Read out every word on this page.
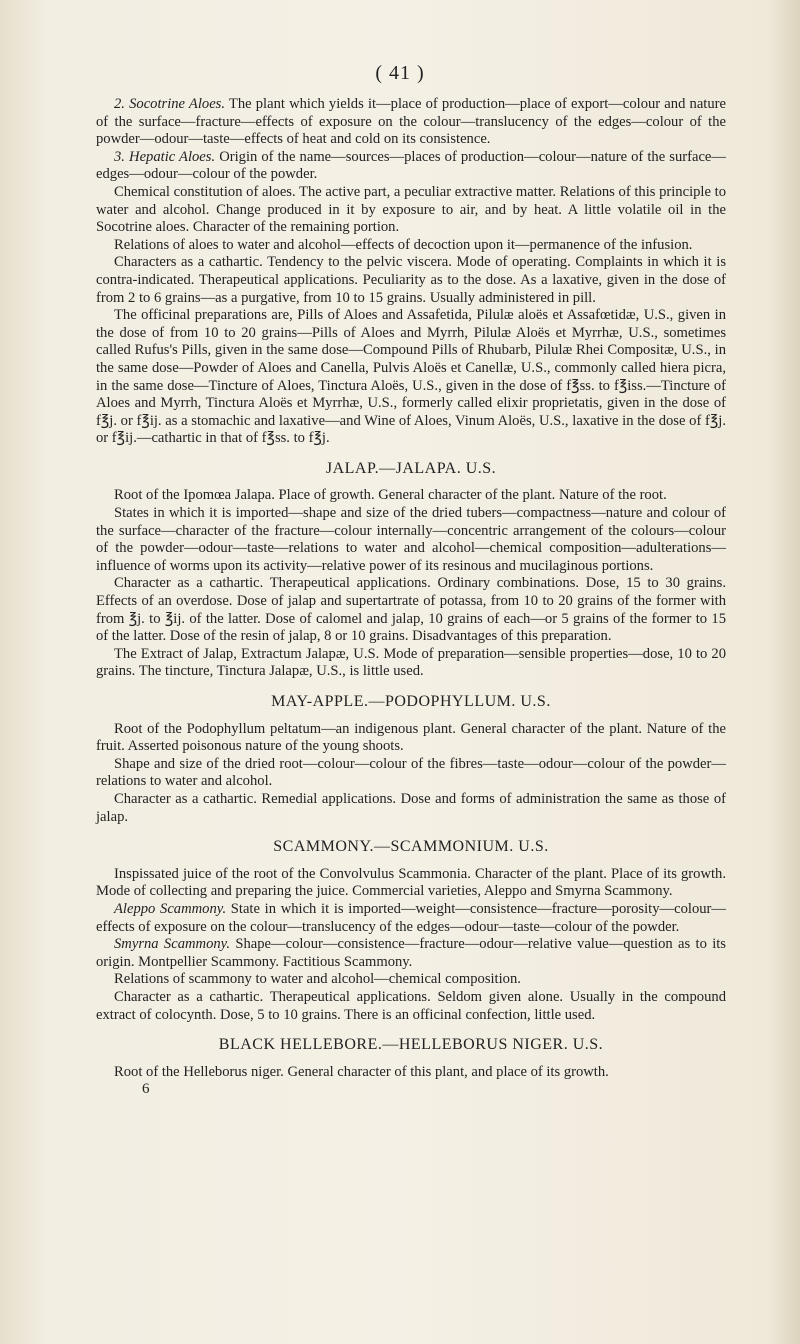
( 41 )

2. Socotrine Aloes. The plant which yields it—place of production—place of export—colour and nature of the surface—fracture—effects of exposure on the colour—translucency of the edges—colour of the powder—odour—taste—effects of heat and cold on its consistence.

3. Hepatic Aloes. Origin of the name—sources—places of production—colour—nature of the surface—edges—odour—colour of the powder.

Chemical constitution of aloes. The active part, a peculiar extractive matter. Relations of this principle to water and alcohol. Change produced in it by exposure to air, and by heat. A little volatile oil in the Socotrine aloes. Character of the remaining portion.

Relations of aloes to water and alcohol—effects of decoction upon it—permanence of the infusion.

Characters as a cathartic. Tendency to the pelvic viscera. Mode of operating. Complaints in which it is contra-indicated. Therapeutical applications. Peculiarity as to the dose. As a laxative, given in the dose of from 2 to 6 grains—as a purgative, from 10 to 15 grains. Usually administered in pill.

The officinal preparations are, Pills of Aloes and Assafetida, Pilulæ aloës et Assafœtidæ, U.S., given in the dose of from 10 to 20 grains—Pills of Aloes and Myrrh, Pilulæ Aloës et Myrrhæ, U.S., sometimes called Rufus's Pills, given in the same dose—Compound Pills of Rhubarb, Pilulæ Rhei Compositæ, U.S., in the same dose—Powder of Aloes and Canella, Pulvis Aloës et Canellæ, U.S., commonly called hiera picra, in the same dose—Tincture of Aloes, Tinctura Aloës, U.S., given in the dose of f℥ss. to f℥iss.—Tincture of Aloes and Myrrh, Tinctura Aloës et Myrrhæ, U.S., formerly called elixir proprietatis, given in the dose of f℥j. or f℥ij. as a stomachic and laxative—and Wine of Aloes, Vinum Aloës, U.S., laxative in the dose of f℥j. or f℥ij.—cathartic in that of f℥ss. to f℥j.

JALAP.—JALAPA. U.S.

Root of the Ipomœa Jalapa. Place of growth. General character of the plant. Nature of the root.

States in which it is imported—shape and size of the dried tubers—compactness—nature and colour of the surface—character of the fracture—colour internally—concentric arrangement of the colours—colour of the powder—odour—taste—relations to water and alcohol—chemical composition—adulterations—influence of worms upon its activity—relative power of its resinous and mucilaginous portions.

Character as a cathartic. Therapeutical applications. Ordinary combinations. Dose, 15 to 30 grains. Effects of an overdose. Dose of jalap and supertartrate of potassa, from 10 to 20 grains of the former with from ℥j. to ℥ij. of the latter. Dose of calomel and jalap, 10 grains of each—or 5 grains of the former to 15 of the latter. Dose of the resin of jalap, 8 or 10 grains. Disadvantages of this preparation.

The Extract of Jalap, Extractum Jalapæ, U.S. Mode of preparation—sensible properties—dose, 10 to 20 grains. The tincture, Tinctura Jalapæ, U.S., is little used.

MAY-APPLE.—PODOPHYLLUM. U.S.

Root of the Podophyllum peltatum—an indigenous plant. General character of the plant. Nature of the fruit. Asserted poisonous nature of the young shoots.

Shape and size of the dried root—colour—colour of the fibres—taste—odour—colour of the powder—relations to water and alcohol.

Character as a cathartic. Remedial applications. Dose and forms of administration the same as those of jalap.

SCAMMONY.—SCAMMONIUM. U.S.

Inspissated juice of the root of the Convolvulus Scammonia. Character of the plant. Place of its growth. Mode of collecting and preparing the juice. Commercial varieties, Aleppo and Smyrna Scammony.

Aleppo Scammony. State in which it is imported—weight—consistence—fracture—porosity—colour—effects of exposure on the colour—translucency of the edges—odour—taste—colour of the powder.

Smyrna Scammony. Shape—colour—consistence—fracture—odour—relative value—question as to its origin. Montpellier Scammony. Factitious Scammony.

Relations of scammony to water and alcohol—chemical composition.

Character as a cathartic. Therapeutical applications. Seldom given alone. Usually in the compound extract of colocynth. Dose, 5 to 10 grains. There is an officinal confection, little used.

BLACK HELLEBORE.—HELLEBORUS NIGER. U.S.

Root of the Helleborus niger. General character of this plant, and place of its growth.

6
